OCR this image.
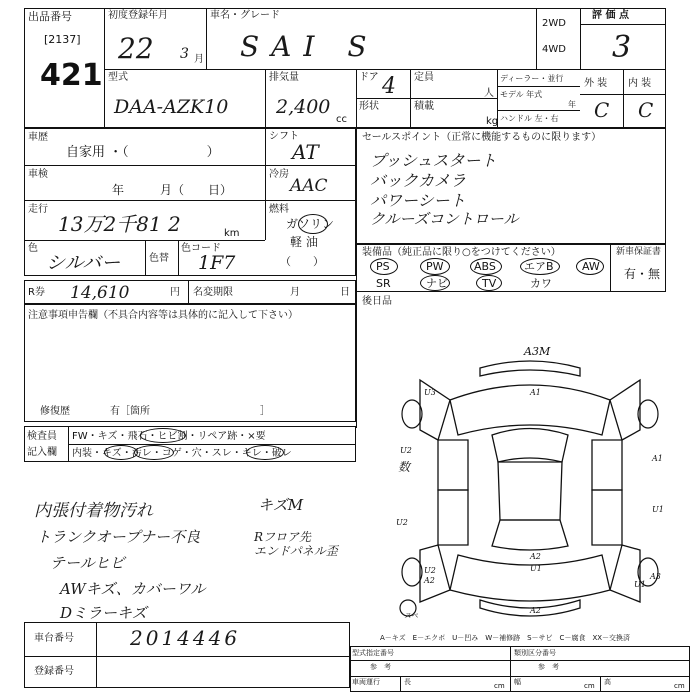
出品番号
[2137]
421
初度登録年月
22 3 月
車名・グレード
SAI S
2WD
4WD
評 価 点
3
外 装 内 装
C C
型式
DAA-AZK10
排気量
2,400
cc
ドア 4 定員
人
形状	積載
kg
ディーラー・並行
モデル 年式
年
ハンドル 左・右
車歴
自家用 ・（　　　　　　）
シフト
AT
車検
年　　　月（　　日）
冷房
AAC
走行
13万2千81 2	km
燃料
ガソリン
軽 油
（　　）
色
シルバー	色替
色コード
1F7
セールスポイント（正常に機能するものに限ります）
プッシュスタート
バックカメラ
パワーシート
クルーズコントロール
装備品（純正品に限り○をつけてください）	新車保証書
有・無
PS	PW	ABS	エアB	AW
SR	ナビ	TV	カワ
R券 14,610	円 名変期限	月	日
後日品
注意事項申告欄（不具合内容等は具体的に記入して下さい）
修復歴	有［箇所　　　　　　　　　　　］
検査員
記入欄
FW・キズ・飛石・ヒビ割・リペア跡・×要
内装・キズ・汚レ・コゲ・穴・スレ・キレ・破レ
内張付着物汚れ
トランクオープナー不良
テールヒビ
AWキズ、カバーワル
Dミラーキズ
キズM
Rフロア先
エンドパネル歪
A3M
A1
U3
U2
数
U2
A1
U1
A2
U2
A2
U1
A3
U1
A2
スペ
A－キズ　E－エクボ　U－凹み　W－補修跡　S－サビ　C－腐食　XX－交換済
車台番号	2014446
登録番号
型式指定番号	類別区分番号
参　考	参　考
車両運行	長	cm 幅	cm 高	cm
